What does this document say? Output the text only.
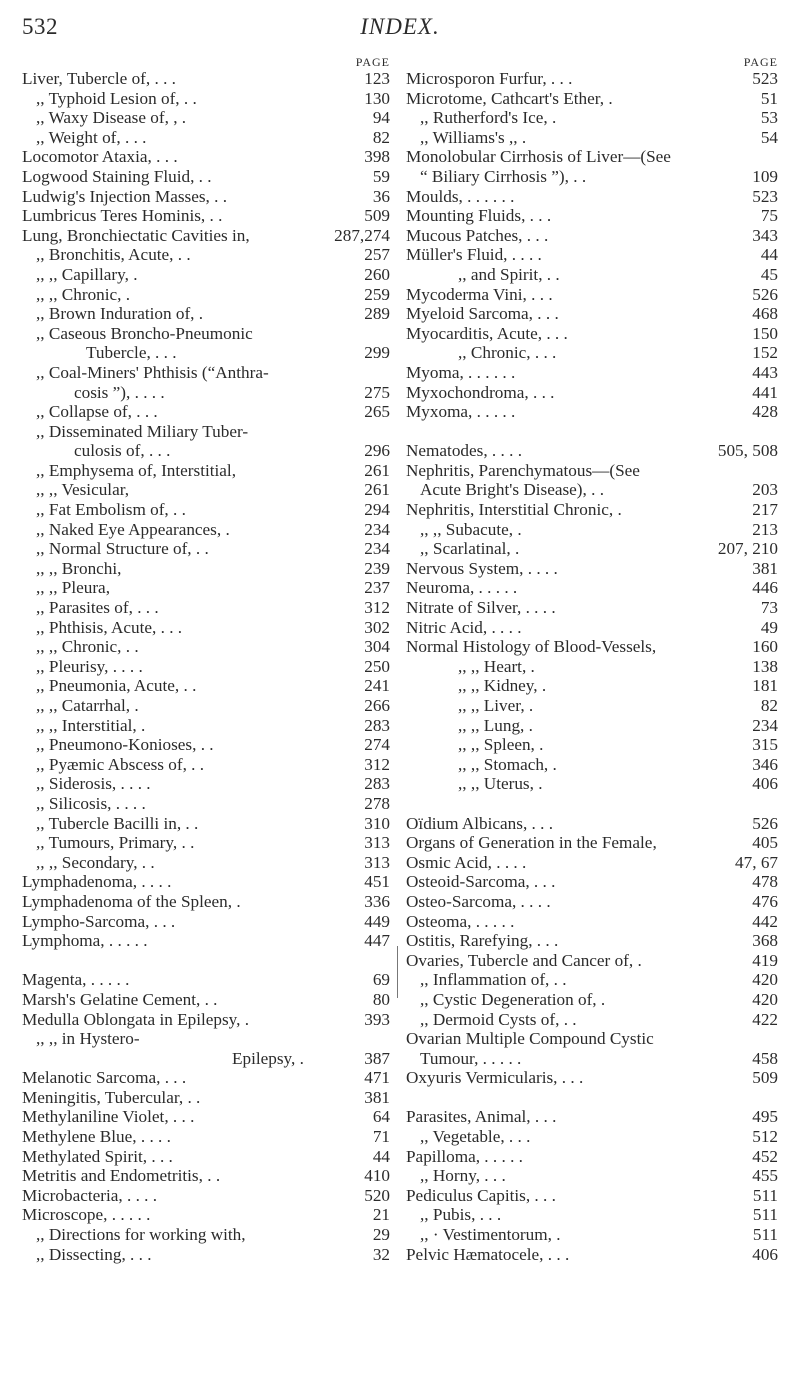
532	INDEX.
PAGE
Liver, Tubercle of, . . .	123
,, Typhoid Lesion of, . .	130
,, Waxy Disease of, , .	94
,, Weight of, . . .	82
Locomotor Ataxia, . . .	398
Logwood Staining Fluid, . .	59
Ludwig's Injection Masses, . .	36
Lumbricus Teres Hominis, . .	509
Lung, Bronchiectatic Cavities in,	287,274
,, Bronchitis, Acute, . .	257
,, ,, Capillary, .	260
,, ,, Chronic, .	259
,, Brown Induration of, .	289
,, Caseous Broncho-Pneumonic
Tubercle, . . .	299
,, Coal-Miners' Phthisis (“Anthra-
cosis ”), . . . .	275
,, Collapse of, . . .	265
,, Disseminated Miliary Tuber-
culosis of, . . .	296
,, Emphysema of, Interstitial,	261
,, ,, Vesicular,	261
,, Fat Embolism of, . .	294
,, Naked Eye Appearances, .	234
,, Normal Structure of, . .	234
,, ,, Bronchi,	239
,, ,, Pleura,	237
,, Parasites of, . . .	312
,, Phthisis, Acute, . . .	302
,, ,, Chronic, . .	304
,, Pleurisy, . . . .	250
,, Pneumonia, Acute, . .	241
,, ,, Catarrhal, .	266
,, ,, Interstitial, .	283
,, Pneumono-Konioses, . .	274
,, Pyæmic Abscess of, . .	312
,, Siderosis, . . . .	283
,, Silicosis, . . . .	278
,, Tubercle Bacilli in, . .	310
,, Tumours, Primary, . .	313
,, ,, Secondary, . .	313
Lymphadenoma, . . . .	451
Lymphadenoma of the Spleen, .	336
Lympho-Sarcoma, . . .	449
Lymphoma, . . . . .	447
Magenta, . . . . .	69
Marsh's Gelatine Cement, . .	80
Medulla Oblongata in Epilepsy, .	393
,, ,, in Hystero-
Epilepsy, .	387
Melanotic Sarcoma, . . .	471
Meningitis, Tubercular, . .	381
Methylaniline Violet, . . .	64
Methylene Blue, . . . .	71
Methylated Spirit, . . .	44
Metritis and Endometritis, . .	410
Microbacteria, . . . .	520
Microscope, . . . . .	21
,, Directions for working with,	29
,, Dissecting, . . .	32
PAGE
Microsporon Furfur, . . .	523
Microtome, Cathcart's Ether, .	51
,, Rutherford's Ice, .	53
,, Williams's ,, .	54
Monolobular Cirrhosis of Liver—(See
“ Biliary Cirrhosis ”), . .	109
Moulds, . . . . . .	523
Mounting Fluids, . . .	75
Mucous Patches, . . .	343
Müller's Fluid, . . . .	44
,, and Spirit, . .	45
Mycoderma Vini, . . .	526
Myeloid Sarcoma, . . .	468
Myocarditis, Acute, . . .	150
,, Chronic, . . .	152
Myoma, . . . . . .	443
Myxochondroma, . . .	441
Myxoma, . . . . .	428
Nematodes, . . . .	505, 508
Nephritis, Parenchymatous—(See
Acute Bright's Disease), . .	203
Nephritis, Interstitial Chronic, .	217
,, ,, Subacute, .	213
,, Scarlatinal, .	207, 210
Nervous System, . . . .	381
Neuroma, . . . . .	446
Nitrate of Silver, . . . .	73
Nitric Acid, . . . .	49
Normal Histology of Blood-Vessels,	160
,, ,, Heart, .	138
,, ,, Kidney, .	181
,, ,, Liver, .	82
,, ,, Lung, .	234
,, ,, Spleen, .	315
,, ,, Stomach, .	346
,, ,, Uterus, .	406
Oïdium Albicans, . . .	526
Organs of Generation in the Female,	405
Osmic Acid, . . . .	47, 67
Osteoid-Sarcoma, . . .	478
Osteo-Sarcoma, . . . .	476
Osteoma, . . . . .	442
Ostitis, Rarefying, . . .	368
Ovaries, Tubercle and Cancer of, .	419
,, Inflammation of, . .	420
,, Cystic Degeneration of, .	420
,, Dermoid Cysts of, . .	422
Ovarian Multiple Compound Cystic
Tumour, . . . . .	458
Oxyuris Vermicularis, . . .	509
Parasites, Animal, . . .	495
,, Vegetable, . . .	512
Papilloma, . . . . .	452
,, Horny, . . .	455
Pediculus Capitis, . . .	511
,, Pubis, . . .	511
,, · Vestimentorum, .	511
Pelvic Hæmatocele, . . .	406
